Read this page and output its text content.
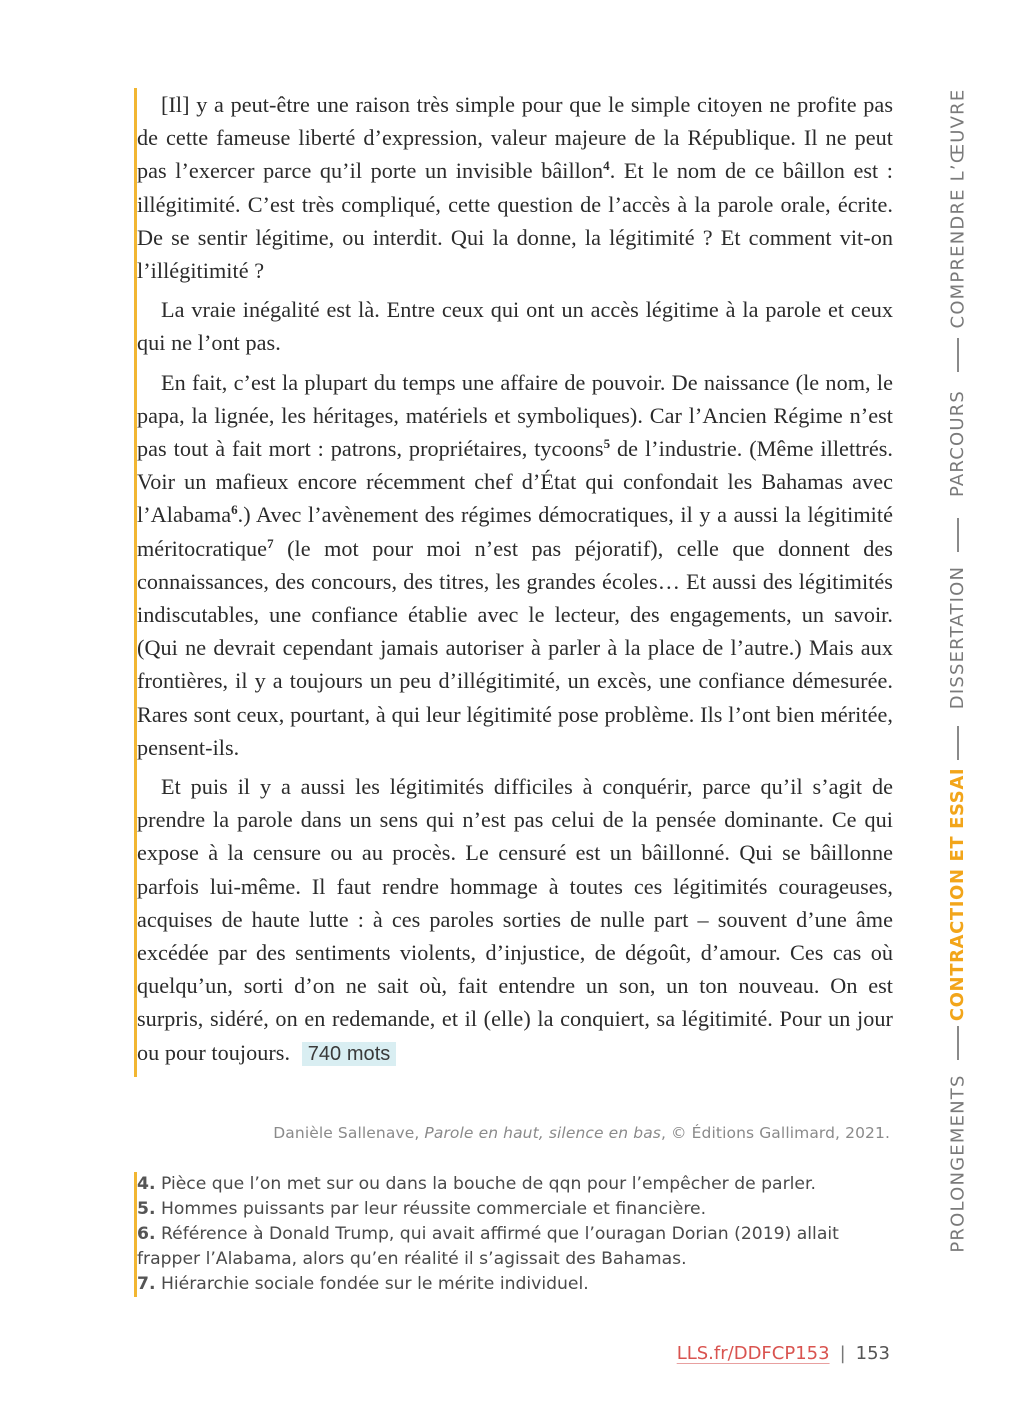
[Il] y a peut-être une raison très simple pour que le simple citoyen ne profite pas de cette fameuse liberté d’expression, valeur majeure de la République. Il ne peut pas l’exercer parce qu’il porte un invisible bâillon$^4$. Et le nom de ce bâillon est : illégitimité. C’est très compliqué, cette question de l’accès à la parole orale, écrite. De se sentir légitime, ou interdit. Qui la donne, la légitimité ? Et comment vit-on l’illégitimité ?

La vraie inégalité est là. Entre ceux qui ont un accès légitime à la parole et ceux qui ne l’ont pas.

En fait, c’est la plupart du temps une affaire de pouvoir. De naissance (le nom, le papa, la lignée, les héritages, matériels et symboliques). Car l’Ancien Régime n’est pas tout à fait mort : patrons, propriétaires, tycoons$^5$ de l’industrie. (Même illettrés. Voir un mafieux encore récemment chef d’État qui confondait les Bahamas avec l’Alabama$^6$.) Avec l’avènement des régimes démocratiques, il y a aussi la légitimité méritocratique$^7$ (le mot pour moi n’est pas péjoratif), celle que donnent des connaissances, des concours, des titres, les grandes écoles… Et aussi des légitimités indiscutables, une confiance établie avec le lecteur, des engagements, un savoir. (Qui ne devrait cependant jamais autoriser à parler à la place de l’autre.) Mais aux frontières, il y a toujours un peu d’illégitimité, un excès, une confiance démesurée. Rares sont ceux, pourtant, à qui leur légitimité pose problème. Ils l’ont bien méritée, pensent-ils.

Et puis il y a aussi les légitimités difficiles à conquérir, parce qu’il s’agit de prendre la parole dans un sens qui n’est pas celui de la pensée dominante. Ce qui expose à la censure ou au procès. Le censuré est un bâillonné. Qui se bâillonne parfois lui-même. Il faut rendre hommage à toutes ces légitimités courageuses, acquises de haute lutte : à ces paroles sorties de nulle part – souvent d’une âme excédée par des sentiments violents, d’injustice, de dégoût, d’amour. Ces cas où quelqu’un, sorti d’on ne sait où, fait entendre un son, un ton nouveau. On est surpris, sidéré, on en redemande, et il (elle) la conquiert, sa légitimité. Pour un jour ou pour toujours. 740 mots

Danièle Sallenave, Parole en haut, silence en bas, © Éditions Gallimard, 2021.

4. Pièce que l’on met sur ou dans la bouche de qqn pour l’empêcher de parler.

5. Hommes puissants par leur réussite commerciale et financière.

6. Référence à Donald Trump, qui avait affirmé que l’ouragan Dorian (2019) allait frapper l’Alabama, alors qu’en réalité il s’agissait des Bahamas.

7. Hiérarchie sociale fondée sur le mérite individuel.

COMPRENDRE L’ŒUVRE
PARCOURS
DISSERTATION
CONTRACTION ET ESSAI
PROLONGEMENTS
LLS.fr/DDFCP153 | 153
